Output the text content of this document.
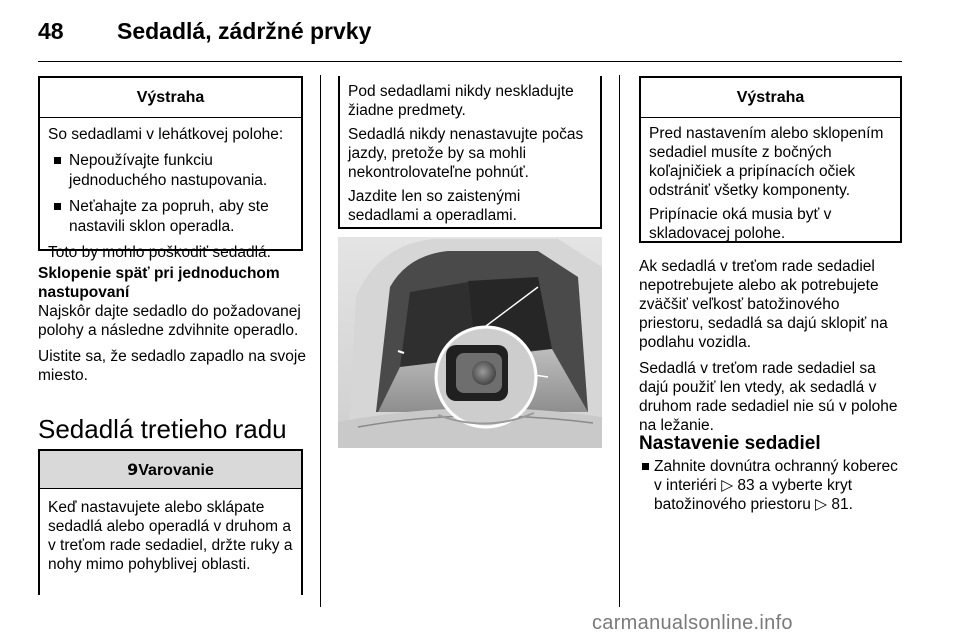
48 Sedadlá, zádržné prvky
Výstraha

So sedadlami v lehátkovej polohe:

Nepoužívajte funkciu jednoduchého nastupovania.
Neťahajte za popruh, aby ste nastavili sklon operadla.

Toto by mohlo poškodiť sedadlá.

Sklopenie späť pri jednoduchom nastupovaní

Najskôr dajte sedadlo do požadovanej polohy a následne zdvihnite operadlo.

Uistite sa, že sedadlo zapadlo na svoje miesto.

Sedadlá tretieho radu
9Varovanie
Keď nastavujete alebo sklápate sedadlá alebo operadlá v druhom a v treťom rade sedadiel, držte ruky a nohy mimo pohyblivej oblasti.

Pod sedadlami nikdy neskladujte žiadne predmety.

Sedadlá nikdy nenastavujte počas jazdy, pretože by sa mohli nekontrolovateľne pohnúť.

Jazdite len so zaistenými sedadlami a operadlami.

Výstraha

Pred nastavením alebo sklopením sedadiel musíte z bočných koľajničiek a pripínacích očiek odstrániť všetky komponenty.

Pripínacie oká musia byť v skladovacej polohe.

Ak sedadlá v treťom rade sedadiel nepotrebujete alebo ak potrebujete zväčšiť veľkosť batožinového priestoru, sedadlá sa dajú sklopiť na podlahu vozidla.

Sedadlá v treťom rade sedadiel sa dajú použiť len vtedy, ak sedadlá v druhom rade sedadiel nie sú v polohe na ležanie.

Nastavenie sedadiel
Zahnite dovnútra ochranný koberec v interiéri ▷ 83 a vyberte kryt batožinového priestoru ▷ 81.
carmanualsonline.info
